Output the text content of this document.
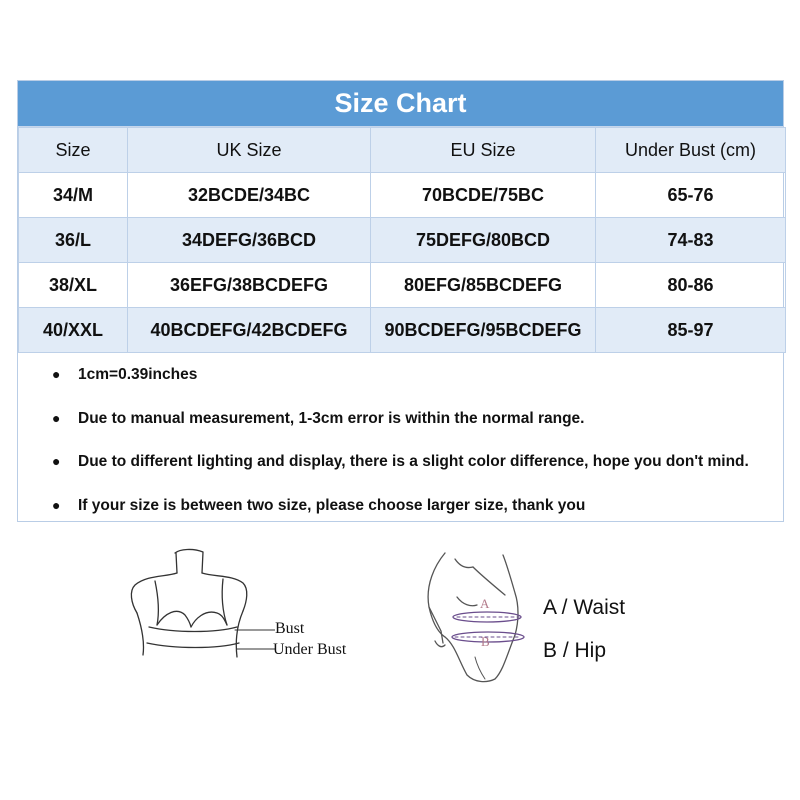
Size Chart
Size	UK Size	EU Size	Under Bust (cm)
34/M	32BCDE/34BC	70BCDE/75BC	65-76
36/L	34DEFG/36BCD	75DEFG/80BCD	74-83
38/XL	36EFG/38BCDEFG	80EFG/85BCDEFG	80-86
40/XXL	40BCDEFG/42BCDEFG	90BCDEFG/95BCDEFG	85-97
● 1cm=0.39inches
● Due to manual measurement, 1-3cm error is within the normal range.
● Due to different lighting and display, there is a slight color difference, hope you don't mind.
● If your size is between two size, please choose larger size, thank you
Bust
Under Bust
A
B
A / Waist
B / Hip
